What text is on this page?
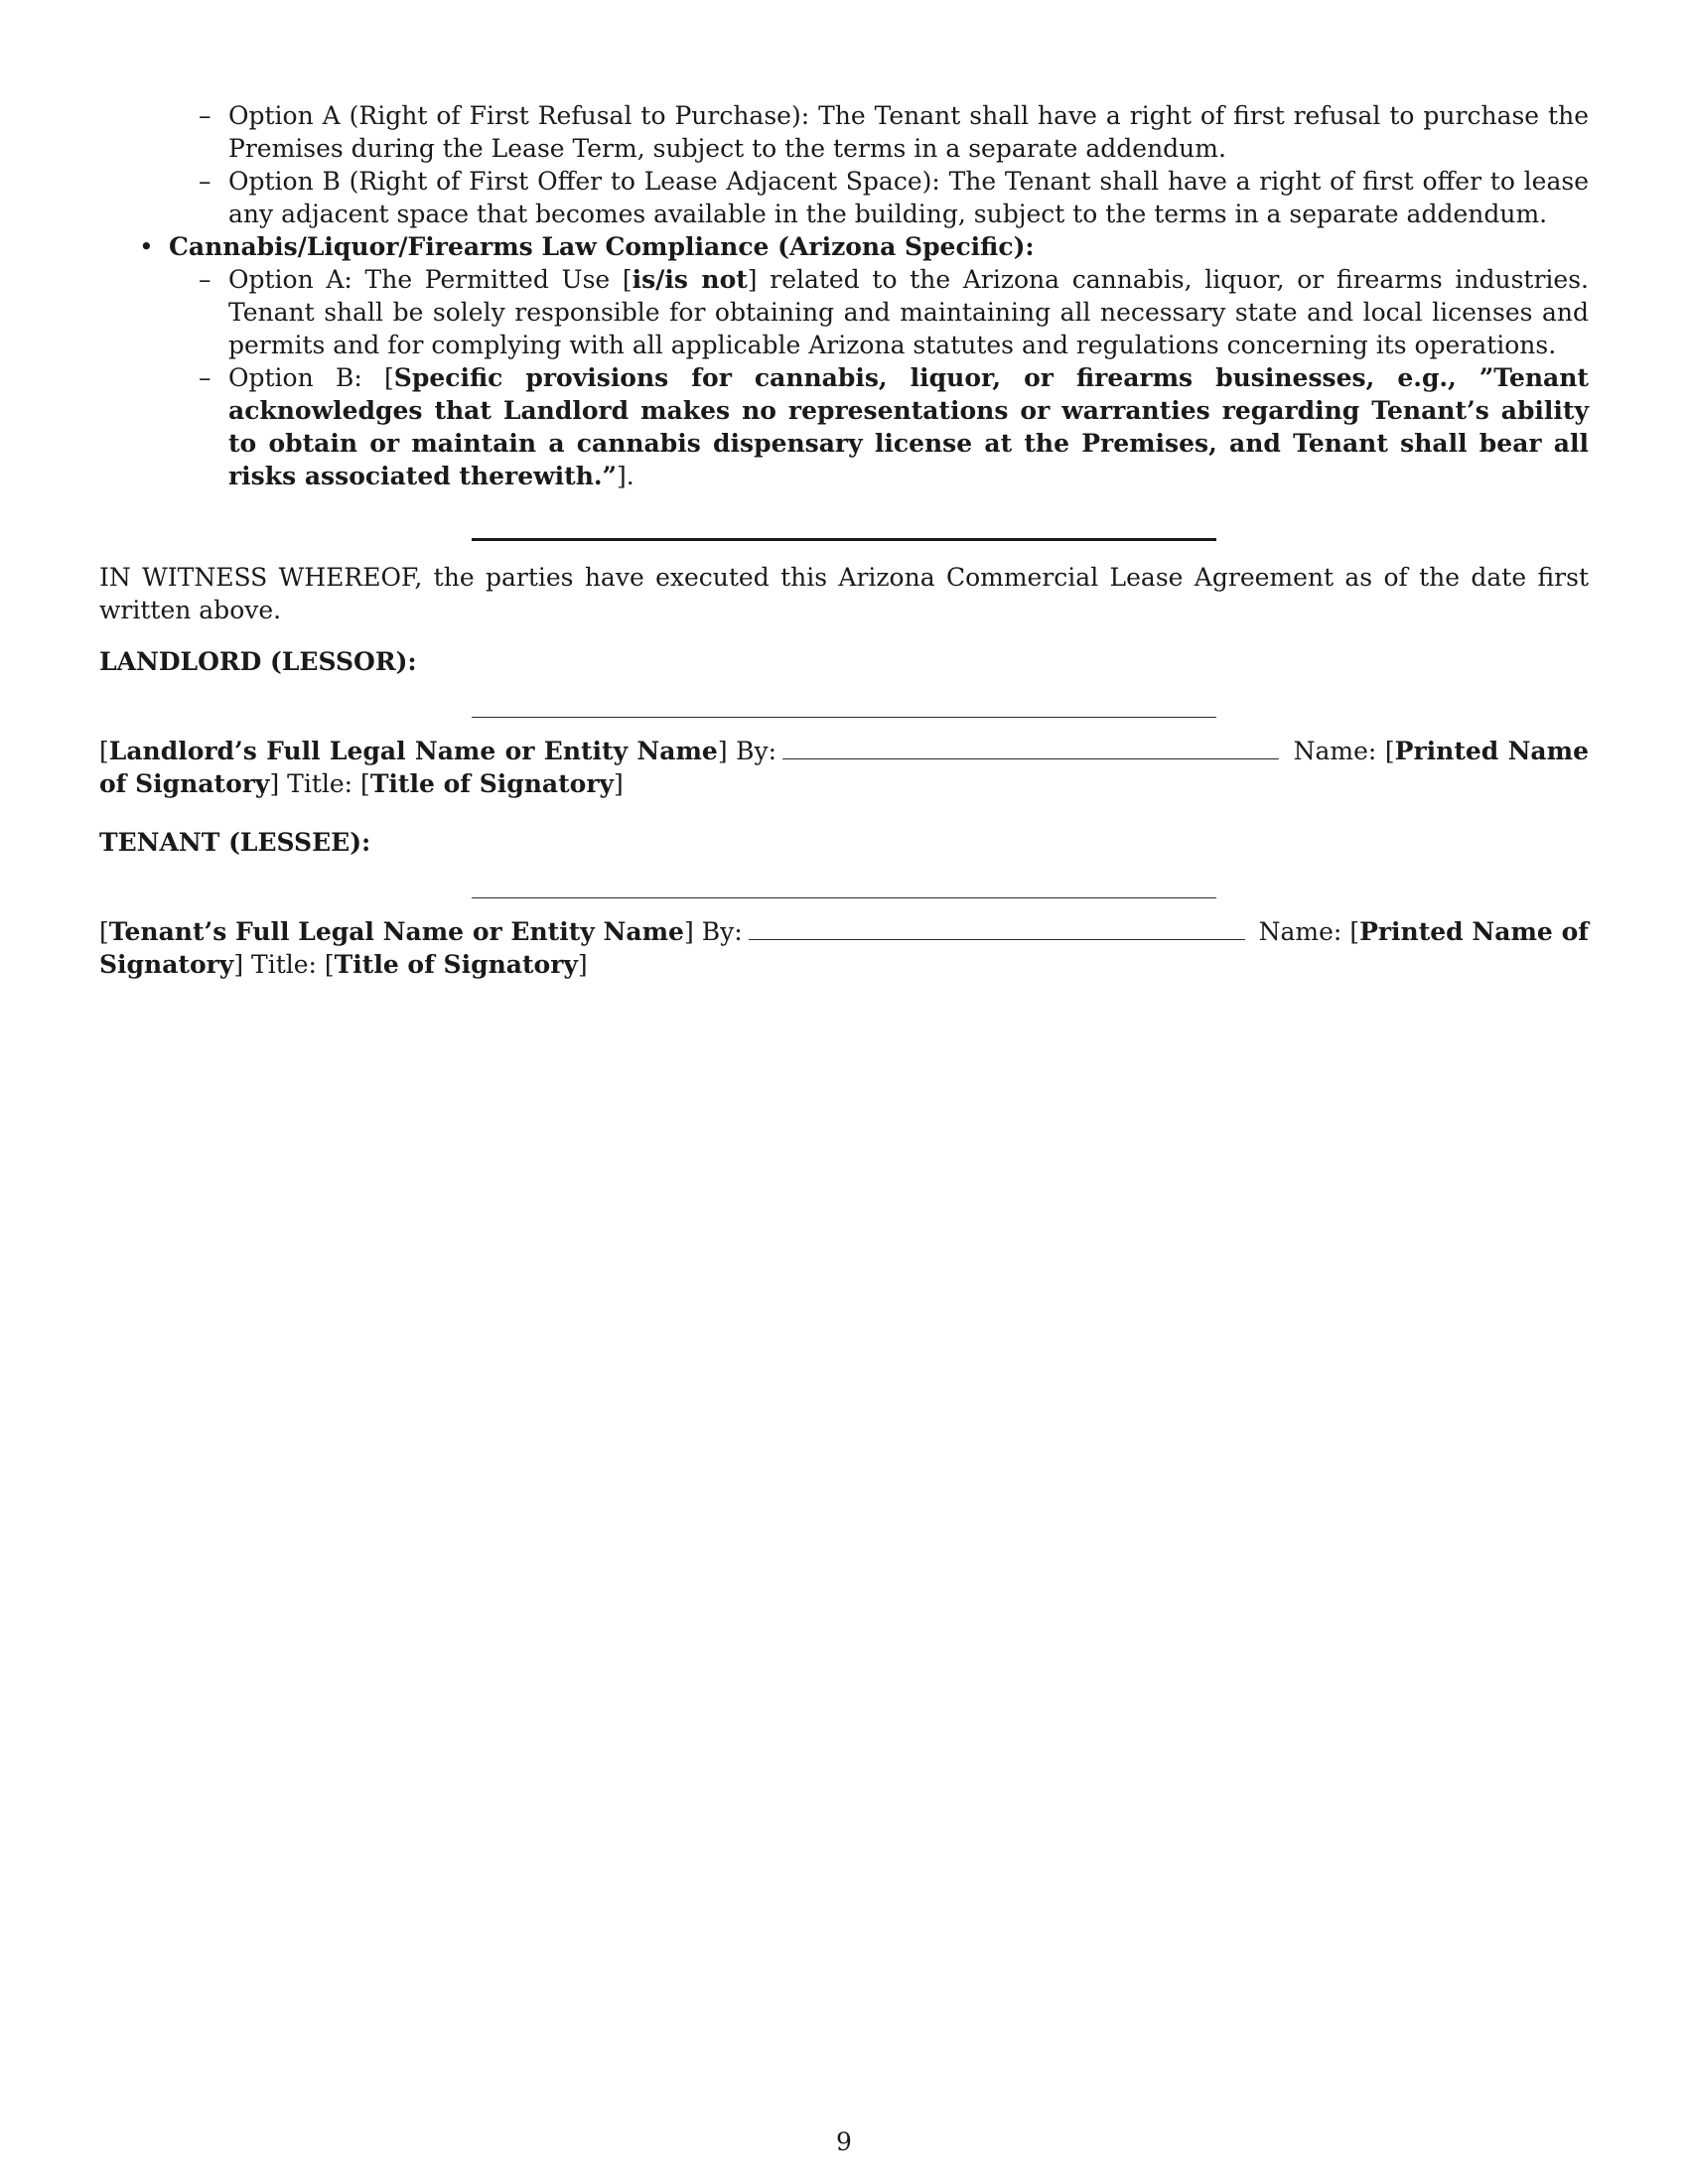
– Option A (Right of First Refusal to Purchase): The Tenant shall have a right of first refusal to purchase the Premises during the Lease Term, subject to the terms in a separate addendum.
– Option B (Right of First Offer to Lease Adjacent Space): The Tenant shall have a right of first offer to lease any adjacent space that becomes available in the building, subject to the terms in a separate addendum.
• Cannabis/Liquor/Firearms Law Compliance (Arizona Specific):
– Option A: The Permitted Use [is/is not] related to the Arizona cannabis, liquor, or firearms industries. Tenant shall be solely responsible for obtaining and maintaining all necessary state and local licenses and permits and for complying with all applicable Arizona statutes and regulations concerning its operations.
– Option B: [Specific provisions for cannabis, liquor, or firearms businesses, e.g., ”Tenant acknowledges that Landlord makes no representations or warranties regarding Tenant’s ability to obtain or maintain a cannabis dispensary license at the Premises, and Tenant shall bear all risks associated therewith.”].

IN WITNESS WHEREOF, the parties have executed this Arizona Commercial Lease Agreement as of the date first written above.

LANDLORD (LESSOR):

[Landlord’s Full Legal Name or Entity Name] By:	Name: [Printed Name of Signatory] Title: [Title of Signatory]

TENANT (LESSEE):

[Tenant’s Full Legal Name or Entity Name] By:	Name: [Printed Name of Signatory] Title: [Title of Signatory]

9
